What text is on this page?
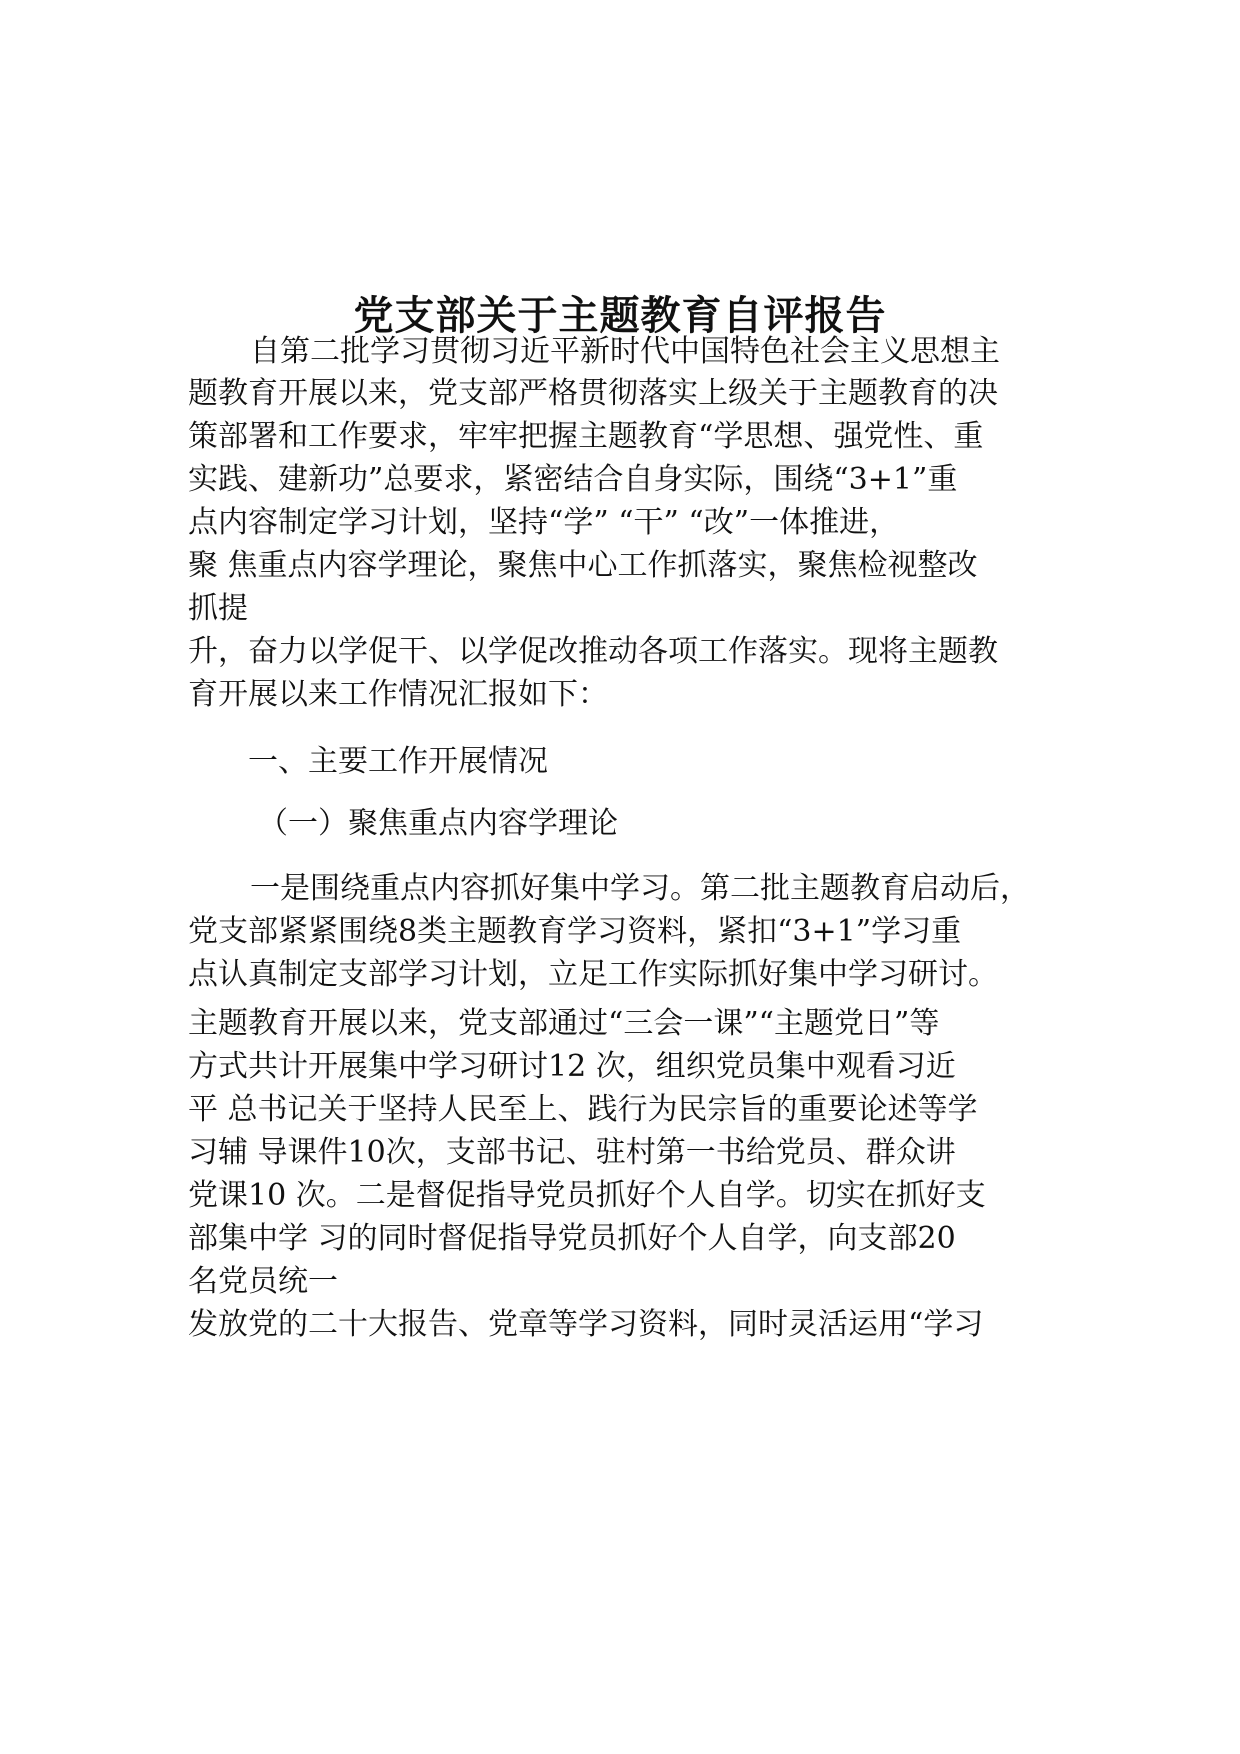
党支部关于主题教育自评报告

自第二批学习贯彻习近平新时代中国特色社会主义思想主

题教育开展以来，党支部严格贯彻落实上级关于主题教育的决

策部署和工作要求，牢牢把握主题教育“学思想、强党性、重

实践、建新功”总要求，紧密结合自身实际，围绕“3+1”重

点内容制定学习计划，坚持“学” “干” “改”一体推进，

聚 焦重点内容学理论，聚焦中心工作抓落实，聚焦检视整改

抓提

升，奋力以学促干、以学促改推动各项工作落实。现将主题教

育开展以来工作情况汇报如下：

一、主要工作开展情况

（一）聚焦重点内容学理论

一是围绕重点内容抓好集中学习。第二批主题教育启动后，

党支部紧紧围绕8类主题教育学习资料，紧扣“3+1”学习重

点认真制定支部学习计划，立足工作实际抓好集中学习研讨。

主题教育开展以来，党支部通过“三会一课”“主题党日”等

方式共计开展集中学习研讨12 次，组织党员集中观看习近

平 总书记关于坚持人民至上、践行为民宗旨的重要论述等学

习辅 导课件10次，支部书记、驻村第一书给党员、群众讲

党课10 次。二是督促指导党员抓好个人自学。切实在抓好支

部集中学 习的同时督促指导党员抓好个人自学，向支部20

名党员统一

发放党的二十大报告、党章等学习资料，同时灵活运用“学习
